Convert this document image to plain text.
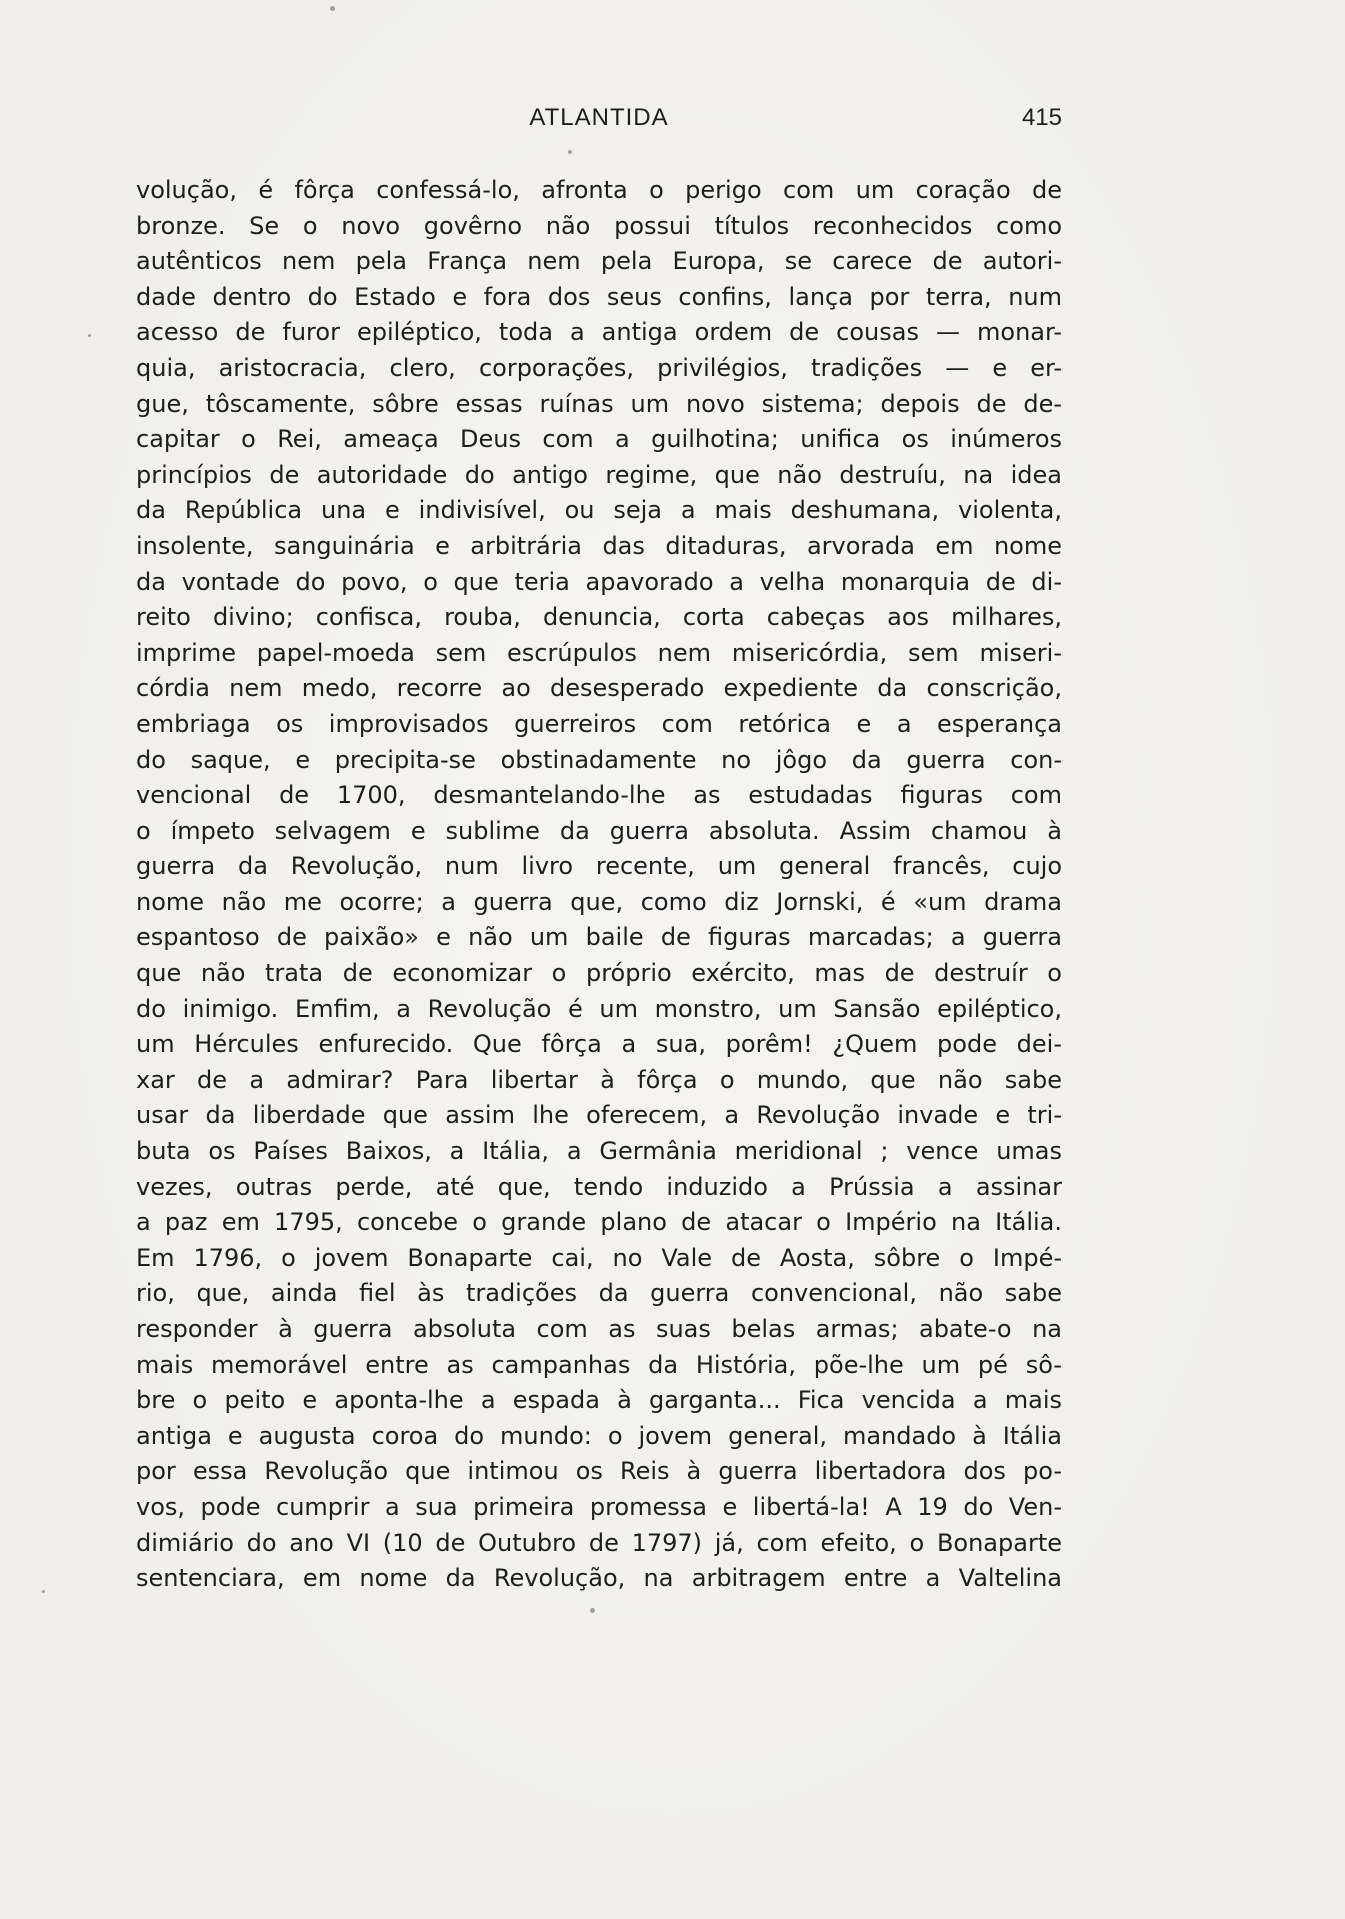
ATLANTIDA	415
volução, é fôrça confessá-lo, afronta o perigo com um coração de
bronze. Se o novo govêrno não possui títulos reconhecidos como
autênticos nem pela França nem pela Europa, se carece de autori-
dade dentro do Estado e fora dos seus confins, lança por terra, num
acesso de furor epiléptico, toda a antiga ordem de cousas — monar-
quia, aristocracia, clero, corporações, privilégios, tradições — e er-
gue, tôscamente, sôbre essas ruínas um novo sistema; depois de de-
capitar o Rei, ameaça Deus com a guilhotina; unifica os inúmeros
princípios de autoridade do antigo regime, que não destruíu, na idea
da República una e indivisível, ou seja a mais deshumana, violenta,
insolente, sanguinária e arbitrária das ditaduras, arvorada em nome
da vontade do povo, o que teria apavorado a velha monarquia de di-
reito divino; confisca, rouba, denuncia, corta cabeças aos milhares,
imprime papel-moeda sem escrúpulos nem misericórdia, sem miseri-
córdia nem medo, recorre ao desesperado expediente da conscrição,
embriaga os improvisados guerreiros com retórica e a esperança
do saque, e precipita-se obstinadamente no jôgo da guerra con-
vencional de 1700, desmantelando-lhe as estudadas figuras com
o ímpeto selvagem e sublime da guerra absoluta. Assim chamou à
guerra da Revolução, num livro recente, um general francês, cujo
nome não me ocorre; a guerra que, como diz Jornski, é «um drama
espantoso de paixão» e não um baile de figuras marcadas; a guerra
que não trata de economizar o próprio exército, mas de destruír o
do inimigo. Emfim, a Revolução é um monstro, um Sansão epiléptico,
um Hércules enfurecido. Que fôrça a sua, porêm! ¿Quem pode dei-
xar de a admirar? Para libertar à fôrça o mundo, que não sabe
usar da liberdade que assim lhe oferecem, a Revolução invade e tri-
buta os Países Baixos, a Itália, a Germânia meridional ; vence umas
vezes, outras perde, até que, tendo induzido a Prússia a assinar
a paz em 1795, concebe o grande plano de atacar o Império na Itália.
Em 1796, o jovem Bonaparte cai, no Vale de Aosta, sôbre o Impé-
rio, que, ainda fiel às tradições da guerra convencional, não sabe
responder à guerra absoluta com as suas belas armas; abate-o na
mais memorável entre as campanhas da História, põe-lhe um pé sô-
bre o peito e aponta-lhe a espada à garganta... Fica vencida a mais
antiga e augusta coroa do mundo: o jovem general, mandado à Itália
por essa Revolução que intimou os Reis à guerra libertadora dos po-
vos, pode cumprir a sua primeira promessa e libertá-la! A 19 do Ven-
dimiário do ano VI (10 de Outubro de 1797) já, com efeito, o Bonaparte
sentenciara, em nome da Revolução, na arbitragem entre a Valtelina
